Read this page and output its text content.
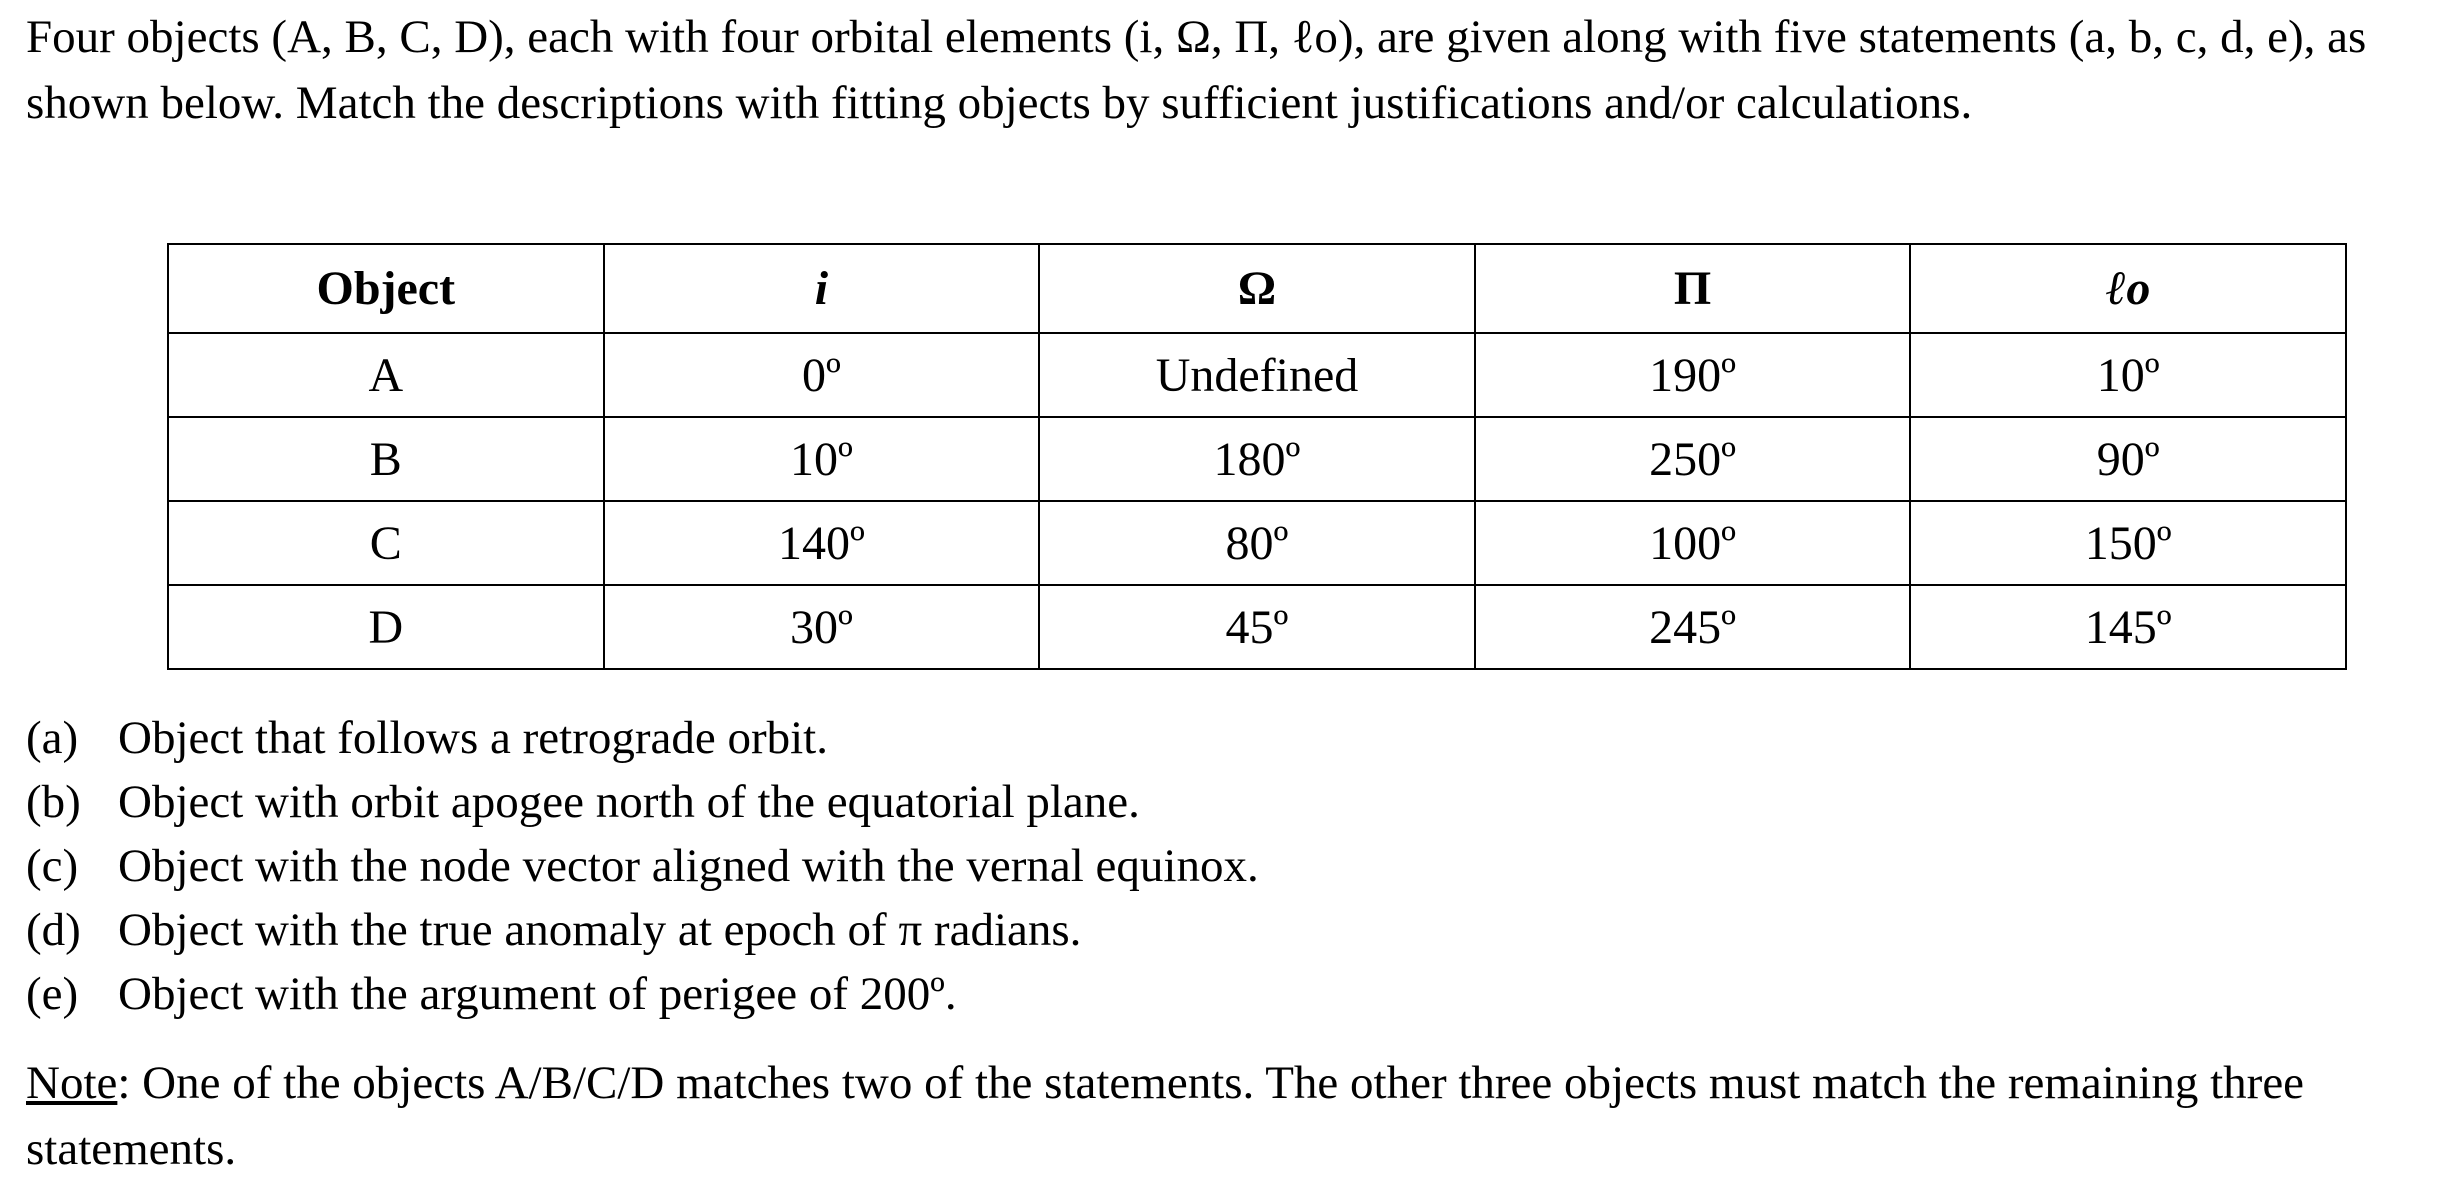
Four objects (A, B, C, D), each with four orbital elements (i, Ω, Π, ℓo), are given along with five statements (a, b, c, d, e), as shown below. Match the descriptions with fitting objects by sufficient justifications and/or calculations.

Object	i	Ω	Π	ℓo
A	0º	Undefined	190º	10º
B	10º	180º	250º	90º
C	140º	80º	100º	150º
D	30º	45º	245º	145º
(a) Object that follows a retrograde orbit.
(b) Object with orbit apogee north of the equatorial plane.
(c) Object with the node vector aligned with the vernal equinox.
(d) Object with the true anomaly at epoch of π radians.
(e) Object with the argument of perigee of 200º.

Note: One of the objects A/B/C/D matches two of the statements. The other three objects must match the remaining three statements.
